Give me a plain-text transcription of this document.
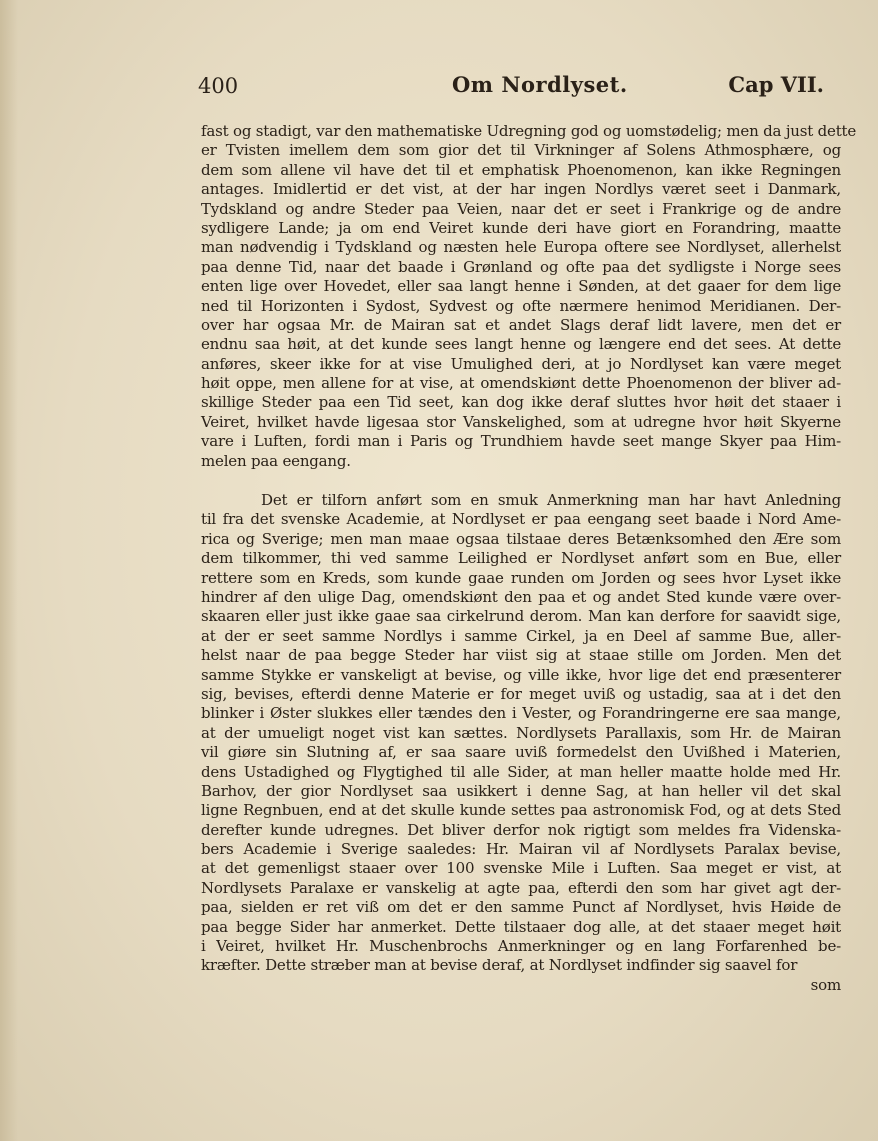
400	Om Nordlyset.	Cap VII.
fast og stadigt, var den mathematiske Udregning god og uomstødelig; men da just dette
er Tvisten imellem dem som gior det til Virkninger af Solens Athmosphære, og
dem som allene vil have det til et emphatisk Phoenomenon, kan ikke Regningen
antages. Imidlertid er det vist, at der har ingen Nordlys været seet i Danmark,
Tydskland og andre Steder paa Veien, naar det er seet i Frankrige og de andre
sydligere Lande; ja om end Veiret kunde deri have giort en Forandring, maatte
man nødvendig i Tydskland og næsten hele Europa oftere see Nordlyset, allerhelst
paa denne Tid, naar det baade i Grønland og ofte paa det sydligste i Norge sees
enten lige over Hovedet, eller saa langt henne i Sønden, at det gaaer for dem lige
ned til Horizonten i Sydost, Sydvest og ofte nærmere henimod Meridianen. Der-
over har ogsaa Mr. de Mairan sat et andet Slags deraf lidt lavere, men det er
endnu saa høit, at det kunde sees langt henne og længere end det sees. At dette
anføres, skeer ikke for at vise Umulighed deri, at jo Nordlyset kan være meget
høit oppe, men allene for at vise, at omendskiønt dette Phoenomenon der bliver ad-
skillige Steder paa een Tid seet, kan dog ikke deraf sluttes hvor høit det staaer i
Veiret, hvilket havde ligesaa stor Vanskelighed, som at udregne hvor høit Skyerne
vare i Luften, fordi man i Paris og Trundhiem havde seet mange Skyer paa Him-
melen paa eengang.
Det er tilforn anført som en smuk Anmerkning man har havt Anledning
til fra det svenske Academie, at Nordlyset er paa eengang seet baade i Nord Ame-
rica og Sverige; men man maae ogsaa tilstaae deres Betænksomhed den Ære som
dem tilkommer, thi ved samme Leilighed er Nordlyset anført som en Bue, eller
rettere som en Kreds, som kunde gaae runden om Jorden og sees hvor Lyset ikke
hindrer af den ulige Dag, omendskiønt den paa et og andet Sted kunde være over-
skaaren eller just ikke gaae saa cirkelrund derom. Man kan derfore for saavidt sige,
at der er seet samme Nordlys i samme Cirkel, ja en Deel af samme Bue, aller-
helst naar de paa begge Steder har viist sig at staae stille om Jorden. Men det
samme Stykke er vanskeligt at bevise, og ville ikke, hvor lige det end præsenterer
sig, bevises, efterdi denne Materie er for meget uviß og ustadig, saa at i det den
blinker i Øster slukkes eller tændes den i Vester, og Forandringerne ere saa mange,
at der umueligt noget vist kan sættes. Nordlysets Parallaxis, som Hr. de Mairan
vil giøre sin Slutning af, er saa saare uviß formedelst den Uvißhed i Materien,
dens Ustadighed og Flygtighed til alle Sider, at man heller maatte holde med Hr.
Barhov, der gior Nordlyset saa usikkert i denne Sag, at han heller vil det skal
ligne Regnbuen, end at det skulle kunde settes paa astronomisk Fod, og at dets Sted
derefter kunde udregnes. Det bliver derfor nok rigtigt som meldes fra Videnska-
bers Academie i Sverige saaledes: Hr. Mairan vil af Nordlysets Paralax bevise,
at det gemenligst staaer over 100 svenske Mile i Luften. Saa meget er vist, at
Nordlysets Paralaxe er vanskelig at agte paa, efterdi den som har givet agt der-
paa, sielden er ret viß om det er den samme Punct af Nordlyset, hvis Høide de
paa begge Sider har anmerket. Dette tilstaaer dog alle, at det staaer meget høit
i Veiret, hvilket Hr. Muschenbrochs Anmerkninger og en lang Forfarenhed be-
kræfter. Dette stræber man at bevise deraf, at Nordlyset indfinder sig saavel for
som
